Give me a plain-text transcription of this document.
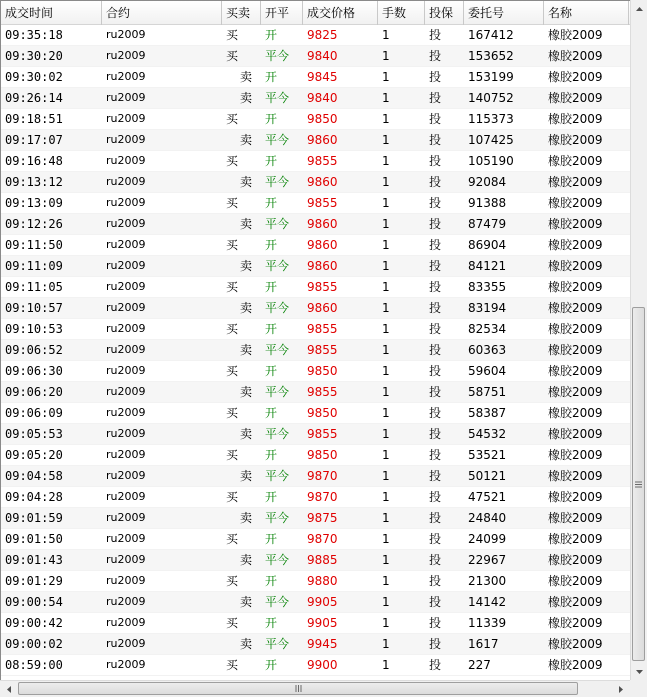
成交时间	合约	买卖	开平	成交价格	手数	投保	委托号	名称
09:35:18	ru2009	买	开	9825	1	投	167412	橡胶2009
09:30:20	ru2009	买	平今	9840	1	投	153652	橡胶2009
09:30:02	ru2009	卖	开	9845	1	投	153199	橡胶2009
09:26:14	ru2009	卖	平今	9840	1	投	140752	橡胶2009
09:18:51	ru2009	买	开	9850	1	投	115373	橡胶2009
09:17:07	ru2009	卖	平今	9860	1	投	107425	橡胶2009
09:16:48	ru2009	买	开	9855	1	投	105190	橡胶2009
09:13:12	ru2009	卖	平今	9860	1	投	92084	橡胶2009
09:13:09	ru2009	买	开	9855	1	投	91388	橡胶2009
09:12:26	ru2009	卖	平今	9860	1	投	87479	橡胶2009
09:11:50	ru2009	买	开	9860	1	投	86904	橡胶2009
09:11:09	ru2009	卖	平今	9860	1	投	84121	橡胶2009
09:11:05	ru2009	买	开	9855	1	投	83355	橡胶2009
09:10:57	ru2009	卖	平今	9860	1	投	83194	橡胶2009
09:10:53	ru2009	买	开	9855	1	投	82534	橡胶2009
09:06:52	ru2009	卖	平今	9855	1	投	60363	橡胶2009
09:06:30	ru2009	买	开	9850	1	投	59604	橡胶2009
09:06:20	ru2009	卖	平今	9855	1	投	58751	橡胶2009
09:06:09	ru2009	买	开	9850	1	投	58387	橡胶2009
09:05:53	ru2009	卖	平今	9855	1	投	54532	橡胶2009
09:05:20	ru2009	买	开	9850	1	投	53521	橡胶2009
09:04:58	ru2009	卖	平今	9870	1	投	50121	橡胶2009
09:04:28	ru2009	买	开	9870	1	投	47521	橡胶2009
09:01:59	ru2009	卖	平今	9875	1	投	24840	橡胶2009
09:01:50	ru2009	买	开	9870	1	投	24099	橡胶2009
09:01:43	ru2009	卖	平今	9885	1	投	22967	橡胶2009
09:01:29	ru2009	买	开	9880	1	投	21300	橡胶2009
09:00:54	ru2009	卖	平今	9905	1	投	14142	橡胶2009
09:00:42	ru2009	买	开	9905	1	投	11339	橡胶2009
09:00:02	ru2009	卖	平今	9945	1	投	1617	橡胶2009
08:59:00	ru2009	买	开	9900	1	投	227	橡胶2009
